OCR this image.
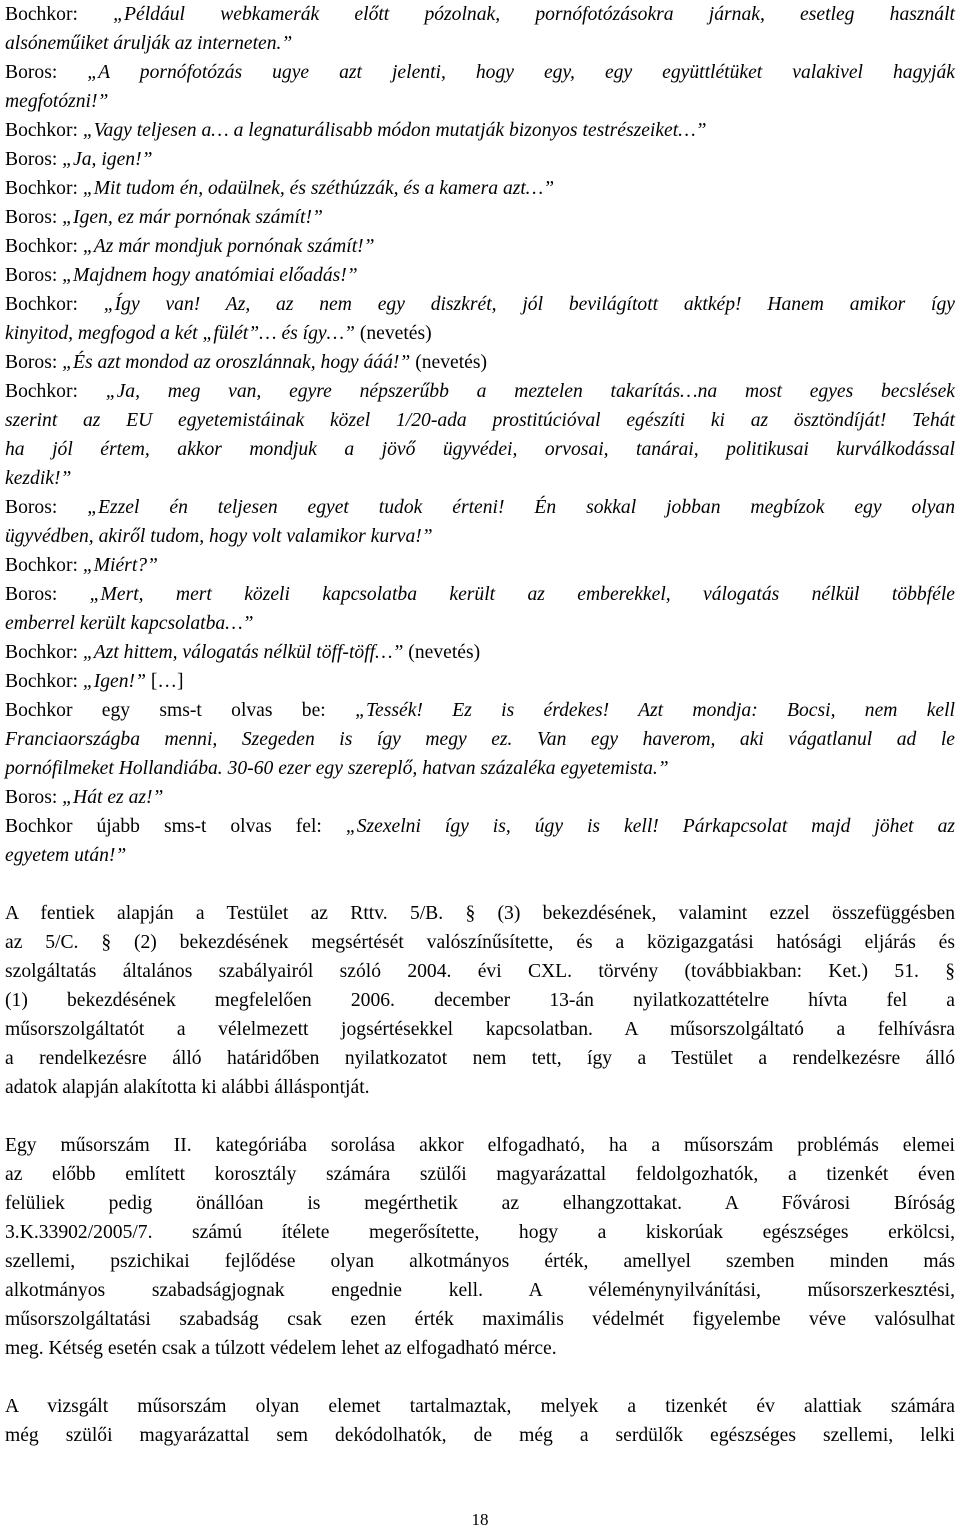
Bochkor: „Például webkamerák előtt pózolnak, pornófotózásokra járnak, esetleg használt
alsóneműiket árulják az interneten.”
Boros: „A pornófotózás ugye azt jelenti, hogy egy, egy együttlétüket valakivel hagyják
megfotózni!”
Bochkor: „Vagy teljesen a… a legnaturálisabb módon mutatják bizonyos testrészeiket…”
Boros: „Ja, igen!”
Bochkor: „Mit tudom én, odaülnek, és széthúzzák, és a kamera azt…”
Boros: „Igen, ez már pornónak számít!”
Bochkor: „Az már mondjuk pornónak számít!”
Boros: „Majdnem hogy anatómiai előadás!”
Bochkor: „Így van! Az, az nem egy diszkrét, jól bevilágított aktkép! Hanem amikor így
kinyitod, megfogod a két „fülét”… és így…” (nevetés)
Boros: „És azt mondod az oroszlánnak, hogy ááá!” (nevetés)
Bochkor: „Ja, meg van, egyre népszerűbb a meztelen takarítás…na most egyes becslések
szerint az EU egyetemistáinak közel 1/20-ada prostitúcióval egészíti ki az ösztöndíját! Tehát
ha jól értem, akkor mondjuk a jövő ügyvédei, orvosai, tanárai, politikusai kurválkodással
kezdik!”
Boros: „Ezzel én teljesen egyet tudok érteni! Én sokkal jobban megbízok egy olyan
ügyvédben, akiről tudom, hogy volt valamikor kurva!”
Bochkor: „Miért?”
Boros: „Mert, mert közeli kapcsolatba került az emberekkel, válogatás nélkül többféle
emberrel került kapcsolatba…”
Bochkor: „Azt hittem, válogatás nélkül töff-töff…” (nevetés)
Bochkor: „Igen!” […]
Bochkor egy sms-t olvas be: „Tessék! Ez is érdekes! Azt mondja: Bocsi, nem kell
Franciaországba menni, Szegeden is így megy ez. Van egy haverom, aki vágatlanul ad le
pornófilmeket Hollandiába. 30-60 ezer egy szereplő, hatvan százaléka egyetemista.”
Boros: „Hát ez az!”
Bochkor újabb sms-t olvas fel: „Szexelni így is, úgy is kell! Párkapcsolat majd jöhet az
egyetem után!”
A fentiek alapján a Testület az Rttv. 5/B. § (3) bekezdésének, valamint ezzel összefüggésben
az 5/C. § (2) bekezdésének megsértését valószínűsítette, és a közigazgatási hatósági eljárás és
szolgáltatás általános szabályairól szóló 2004. évi CXL. törvény (továbbiakban: Ket.) 51. §
(1) bekezdésének megfelelően 2006. december 13-án nyilatkozattételre hívta fel a
műsorszolgáltatót a vélelmezett jogsértésekkel kapcsolatban. A műsorszolgáltató a felhívásra
a rendelkezésre álló határidőben nyilatkozatot nem tett, így a Testület a rendelkezésre álló
adatok alapján alakította ki alábbi álláspontját.
Egy műsorszám II. kategóriába sorolása akkor elfogadható, ha a műsorszám problémás elemei
az előbb említett korosztály számára szülői magyarázattal feldolgozhatók, a tizenkét éven
felüliek pedig önállóan is megérthetik az elhangzottakat. A Fővárosi Bíróság
3.K.33902/2005/7. számú ítélete megerősítette, hogy a kiskorúak egészséges erkölcsi,
szellemi, pszichikai fejlődése olyan alkotmányos érték, amellyel szemben minden más
alkotmányos szabadságjognak engednie kell. A véleménynyilvánítási, műsorszerkesztési,
műsorszolgáltatási szabadság csak ezen érték maximális védelmét figyelembe véve valósulhat
meg. Kétség esetén csak a túlzott védelem lehet az elfogadható mérce.
A vizsgált műsorszám olyan elemet tartalmaztak, melyek a tizenkét év alattiak számára
még szülői magyarázattal sem dekódolhatók, de még a serdülők egészséges szellemi, lelki
18
